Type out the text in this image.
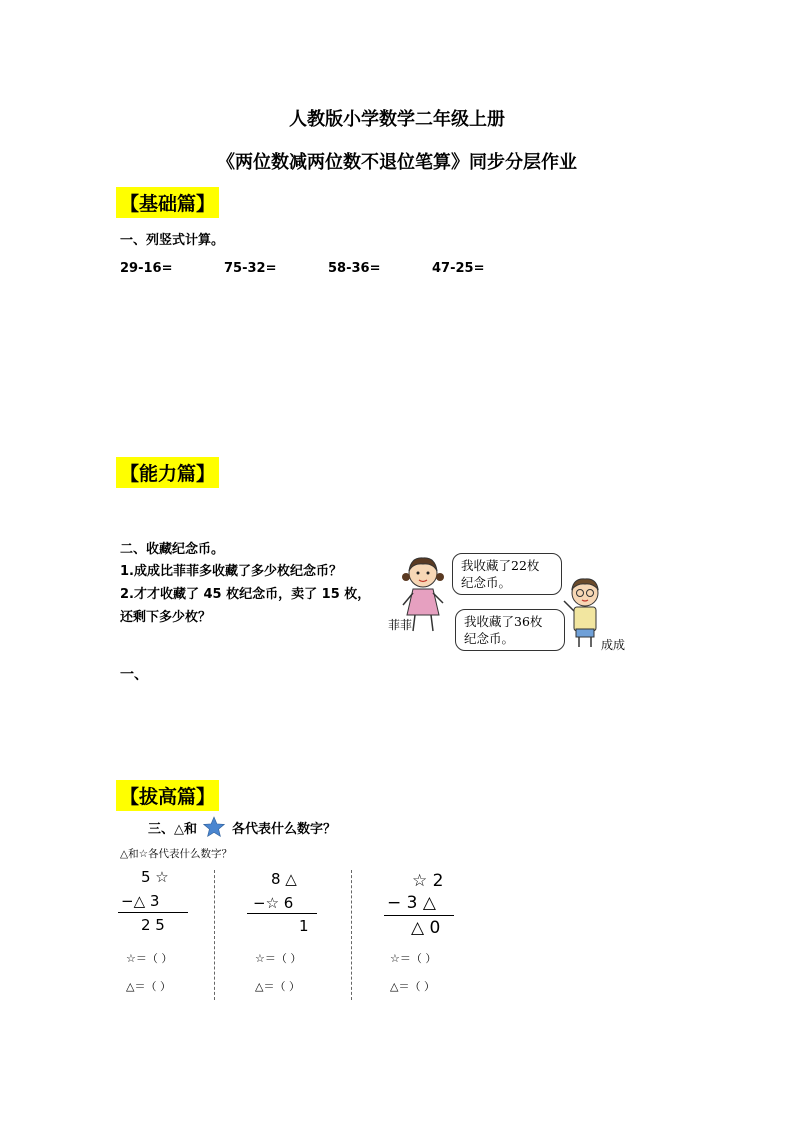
人教版小学数学二年级上册
《两位数减两位数不退位笔算》同步分层作业
【基础篇】
一、列竖式计算。
29-16=	75-32=	58-36=	47-25=
【能力篇】
二、收藏纪念币。
1.成成比菲菲多收藏了多少枚纪念币？
2.才才收藏了 45 枚纪念币，卖了 15 枚，
还剩下多少枚？
一、
菲菲
我收藏了22枚
纪念币。
成成
我收藏了36枚
纪念币。
【拔高篇】
三、△和	各代表什么数字？
△和☆各代表什么数字？
5 ☆
−△ 3
2 5
☆＝（ ）
△＝（ ）
8 △
−☆ 6
1
☆＝（ ）
△＝（ ）
☆ 2
− 3 △
△ 0
☆＝（ ）
△＝（ ）
